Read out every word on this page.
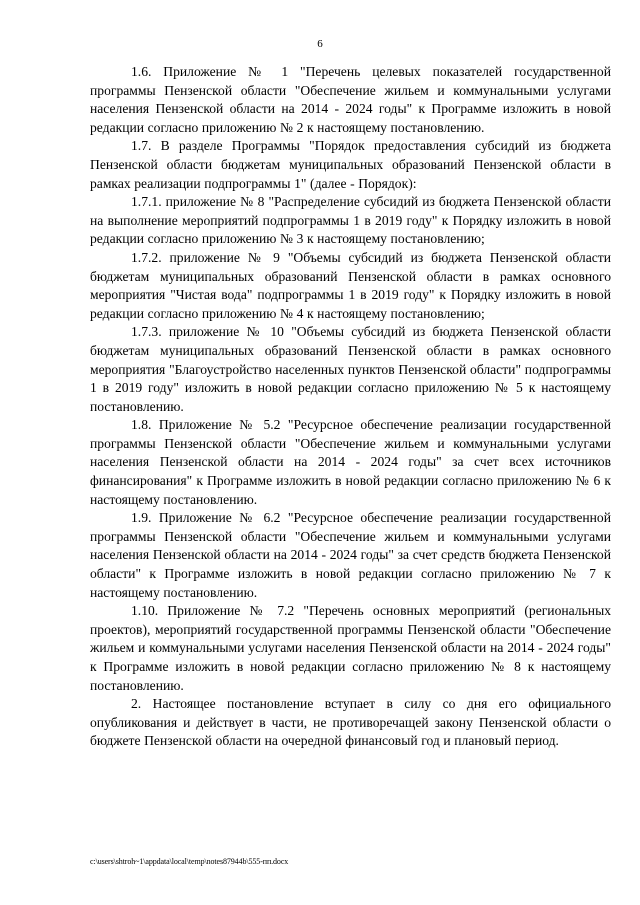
6

1.6. Приложение № 1 "Перечень целевых показателей государственной программы Пензенской области "Обеспечение жильем и коммунальными услугами населения Пензенской области на 2014 - 2024 годы" к Программе изложить в новой редакции согласно приложению № 2 к настоящему постановлению.

1.7. В разделе Программы "Порядок предоставления субсидий из бюджета Пензенской области бюджетам муниципальных образований Пензенской области в рамках реализации подпрограммы 1" (далее - Порядок):

1.7.1. приложение № 8 "Распределение субсидий из бюджета Пензенской области на выполнение мероприятий подпрограммы 1 в 2019 году" к Порядку изложить в новой редакции согласно приложению № 3 к настоящему постановлению;

1.7.2. приложение № 9 "Объемы субсидий из бюджета Пензенской области бюджетам муниципальных образований Пензенской области в рамках основного мероприятия "Чистая вода" подпрограммы 1 в 2019 году" к Порядку изложить в новой редакции согласно приложению № 4 к настоящему постановлению;

1.7.3. приложение № 10 "Объемы субсидий из бюджета Пензенской области бюджетам муниципальных образований Пензенской области в рамках основного мероприятия "Благоустройство населенных пунктов Пензенской области" подпрограммы 1 в 2019 году" изложить в новой редакции согласно приложению № 5 к настоящему постановлению.

1.8. Приложение № 5.2 "Ресурсное обеспечение реализации государственной программы Пензенской области "Обеспечение жильем и коммунальными услугами населения Пензенской области на 2014 - 2024 годы" за счет всех источников финансирования" к Программе изложить в новой редакции согласно приложению № 6 к настоящему постановлению.

1.9. Приложение № 6.2 "Ресурсное обеспечение реализации государственной программы Пензенской области "Обеспечение жильем и коммунальными услугами населения Пензенской области на 2014 - 2024 годы" за счет средств бюджета Пензенской области" к Программе изложить в новой редакции согласно приложению № 7 к настоящему постановлению.

1.10. Приложение № 7.2 "Перечень основных мероприятий (региональных проектов), мероприятий государственной программы Пензенской области "Обеспечение жильем и коммунальными услугами населения Пензенской области на 2014 - 2024 годы" к Программе изложить в новой редакции согласно приложению № 8 к настоящему постановлению.

2. Настоящее постановление вступает в силу со дня его официального опубликования и действует в части, не противоречащей закону Пензенской области о бюджете Пензенской области на очередной финансовый год и плановый период.

c:\users\shtroh~1\appdata\local\temp\notes87944b\555-пп.docx
